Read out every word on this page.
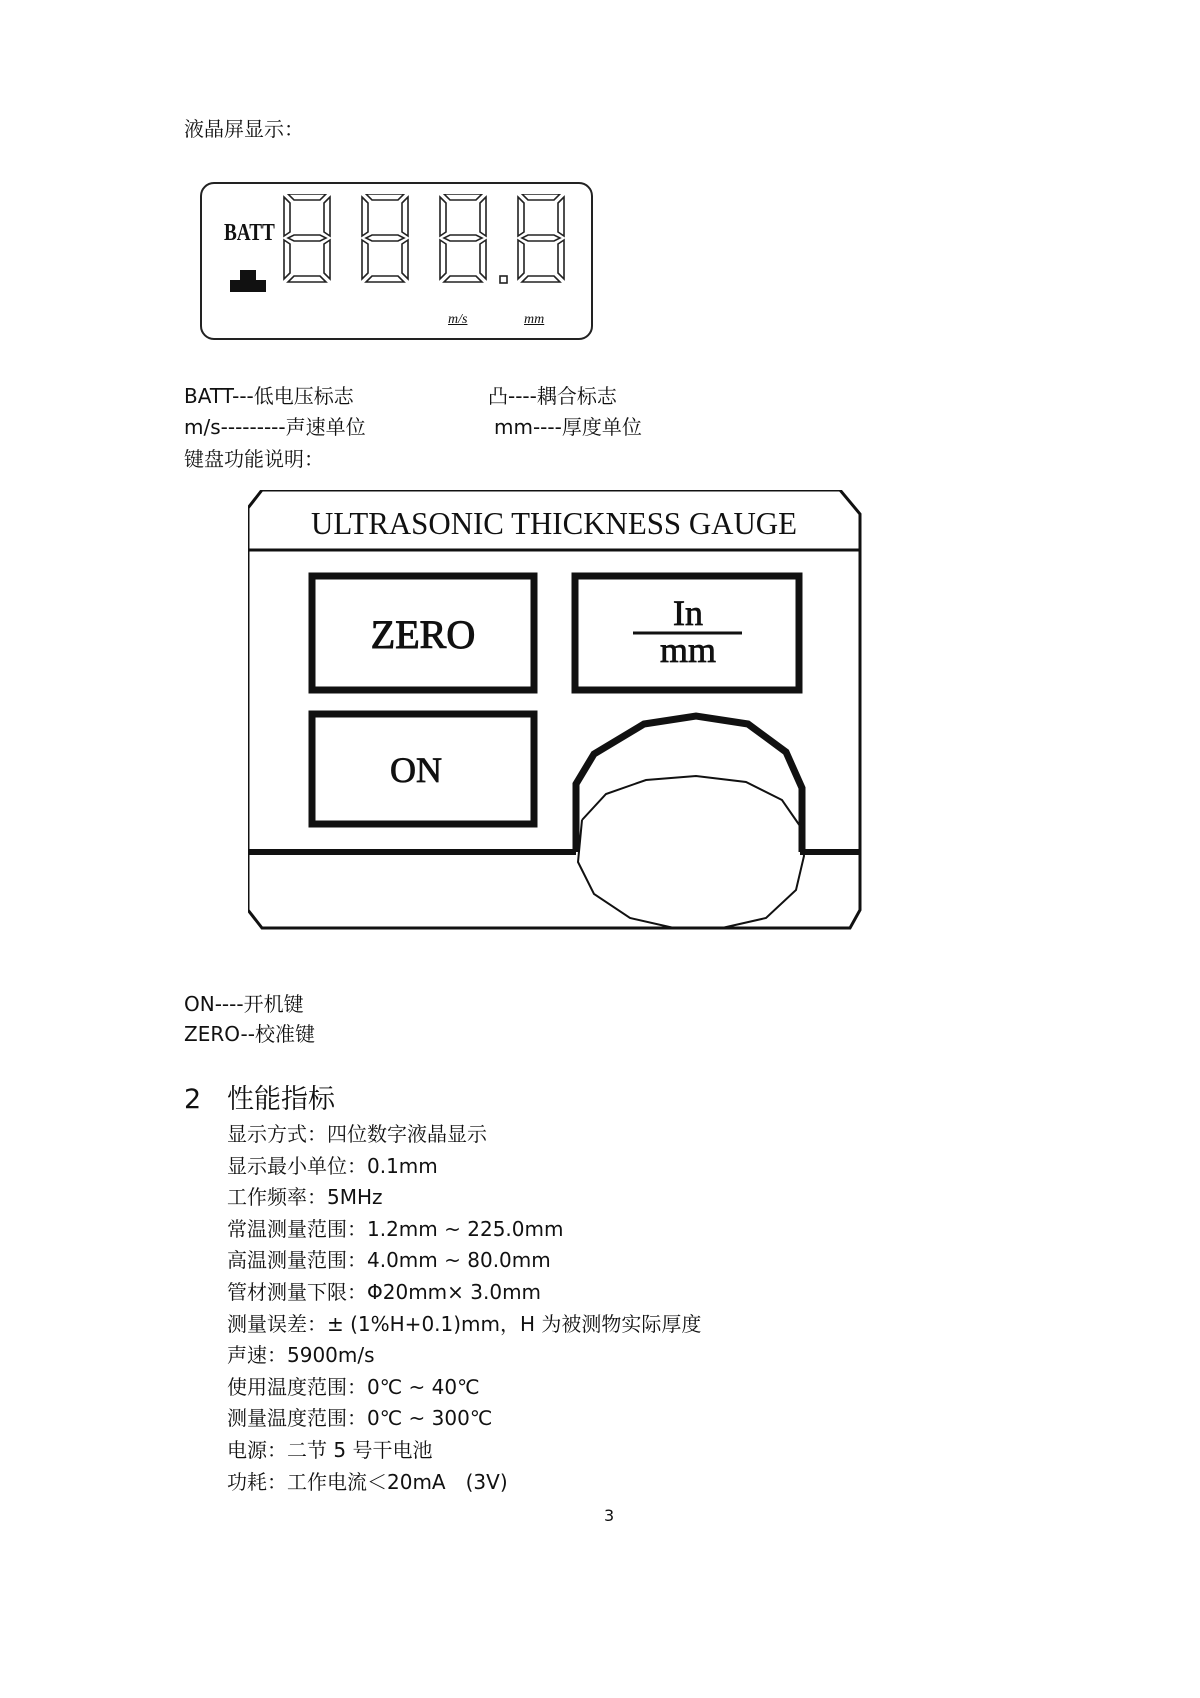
液晶屏显示：
BATT
m/s	mm
BATT---低电压标志	凸----耦合标志
m/s---------声速单位	mm----厚度单位
键盘功能说明：
ULTRASONIC THICKNESS GAUGE
ZERO	In
mm
ON
ON----开机键
ZERO--校准键
2 性能指标
显示方式：四位数字液晶显示
显示最小单位：0.1mm
工作频率：5MHz
常温测量范围：1.2mm ~ 225.0mm
高温测量范围：4.0mm ~ 80.0mm
管材测量下限：Φ20mm× 3.0mm
测量误差：± (1%H+0.1)mm，H 为被测物实际厚度
声速：5900m/s
使用温度范围：0℃ ~ 40℃
测量温度范围：0℃ ~ 300℃
电源：二节 5 号干电池
功耗：工作电流＜20mA　(3V)
3
